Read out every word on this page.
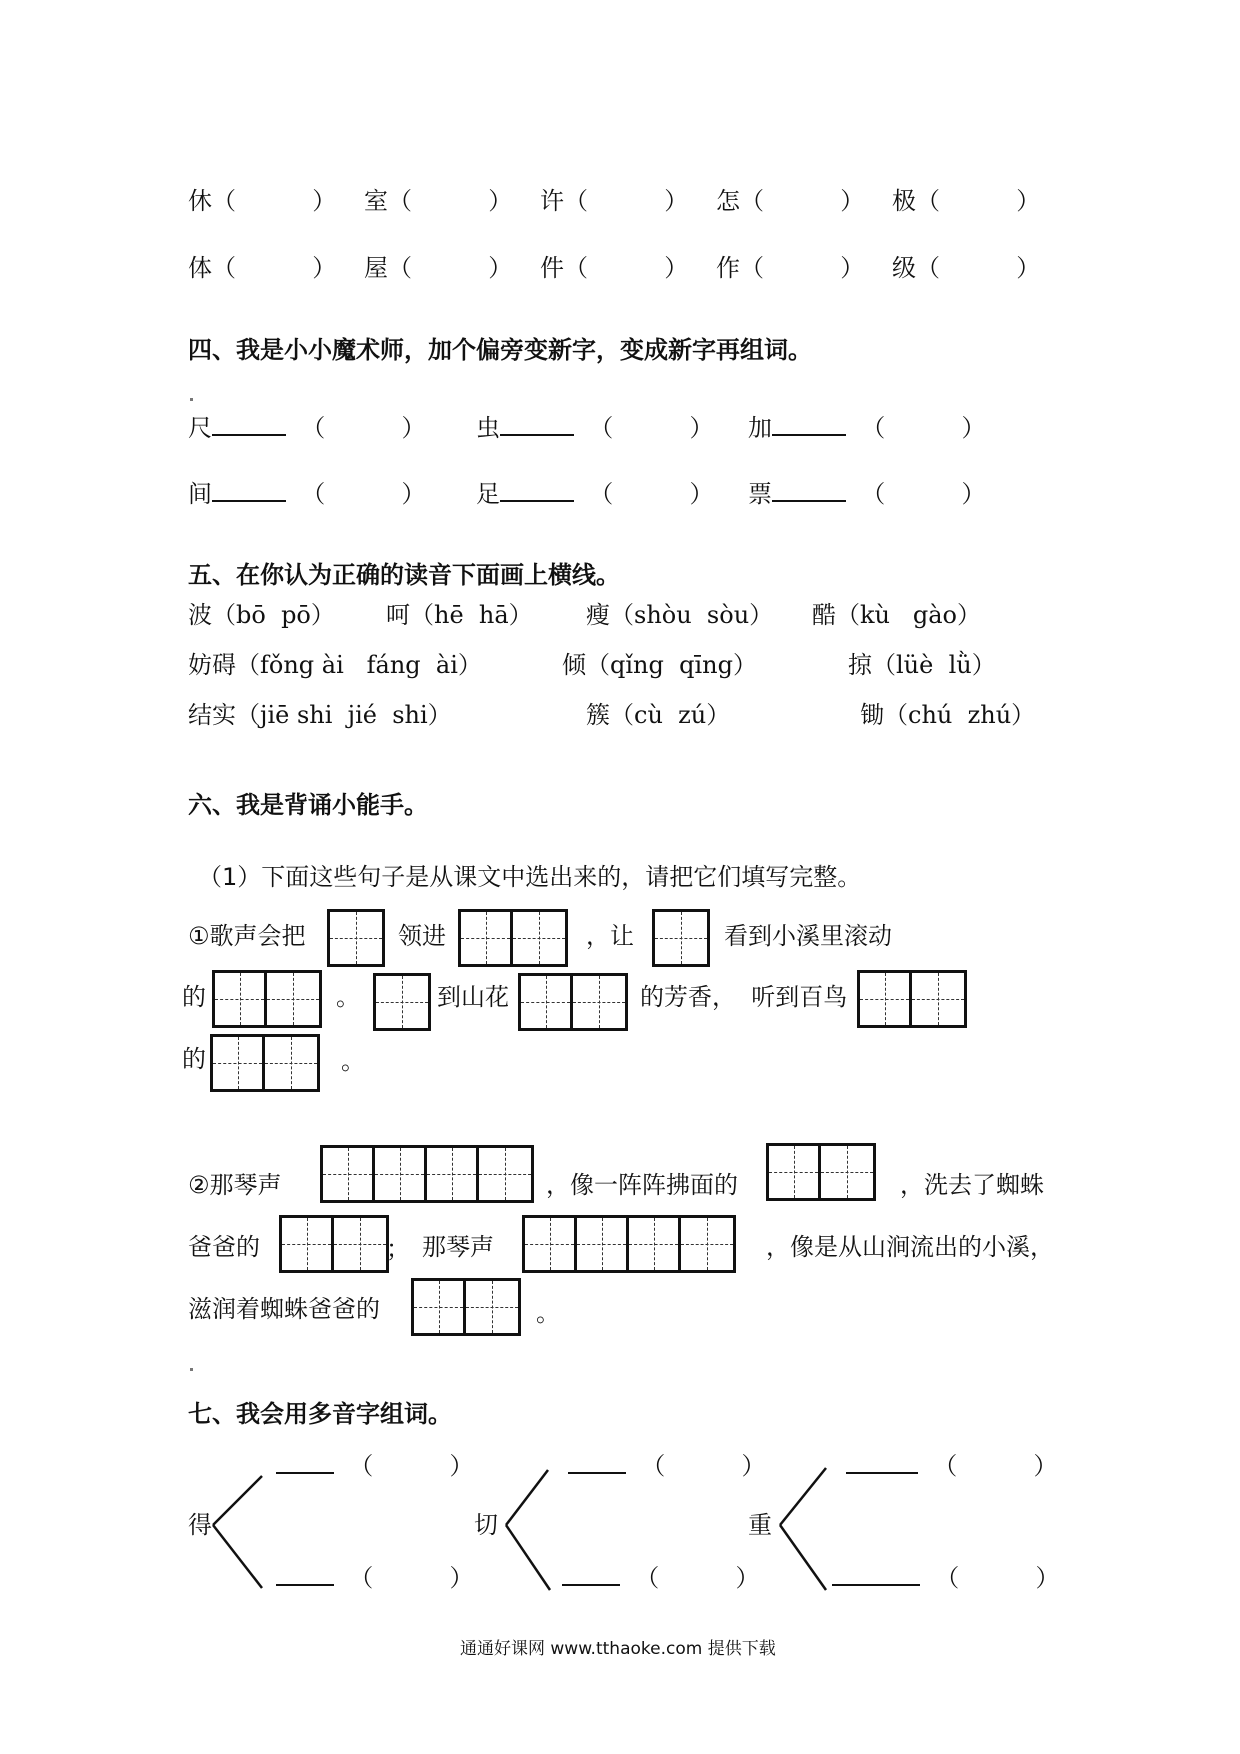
休（          ） 室（          ） 许（          ） 怎（          ） 极（          ）
体（          ） 屋（          ） 件（          ） 作（          ） 级（          ）
四、我是小小魔术师，加个偏旁变新字，变成新字再组词。
尺	（          ） 虫	（          ） 加	（          ）
间	（          ） 足	（          ） 票	（          ）
五、在你认为正确的读音下面画上横线。
波（bō  pō） 呵（hē  hā） 瘦（shòu  sòu） 酷（kù   gào）
妨碍（fǒng ài   fáng  ài）	倾（qǐng  qīng）	掠（lüè  lǜ）
结实（jiē shi  jié  shi）	簇（cù  zú）	锄（chú  zhú）
六、我是背诵小能手。
（1）下面这些句子是从课文中选出来的，请把它们填写完整。
①歌声会把	领进	，让	看到小溪里滚动
的	。	到山花	的芳香，  听到百鸟
的	。
②那琴声	，像一阵阵拂面的	，洗去了蜘蛛
爸爸的	； 那琴声	，像是从山涧流出的小溪，
滋润着蜘蛛爸爸的	。
七、我会用多音字组词。
得	切	重
（          ）	（          ）	（          ）
（          ）	（          ）	（          ）
通通好课网 www.tthaoke.com 提供下载
